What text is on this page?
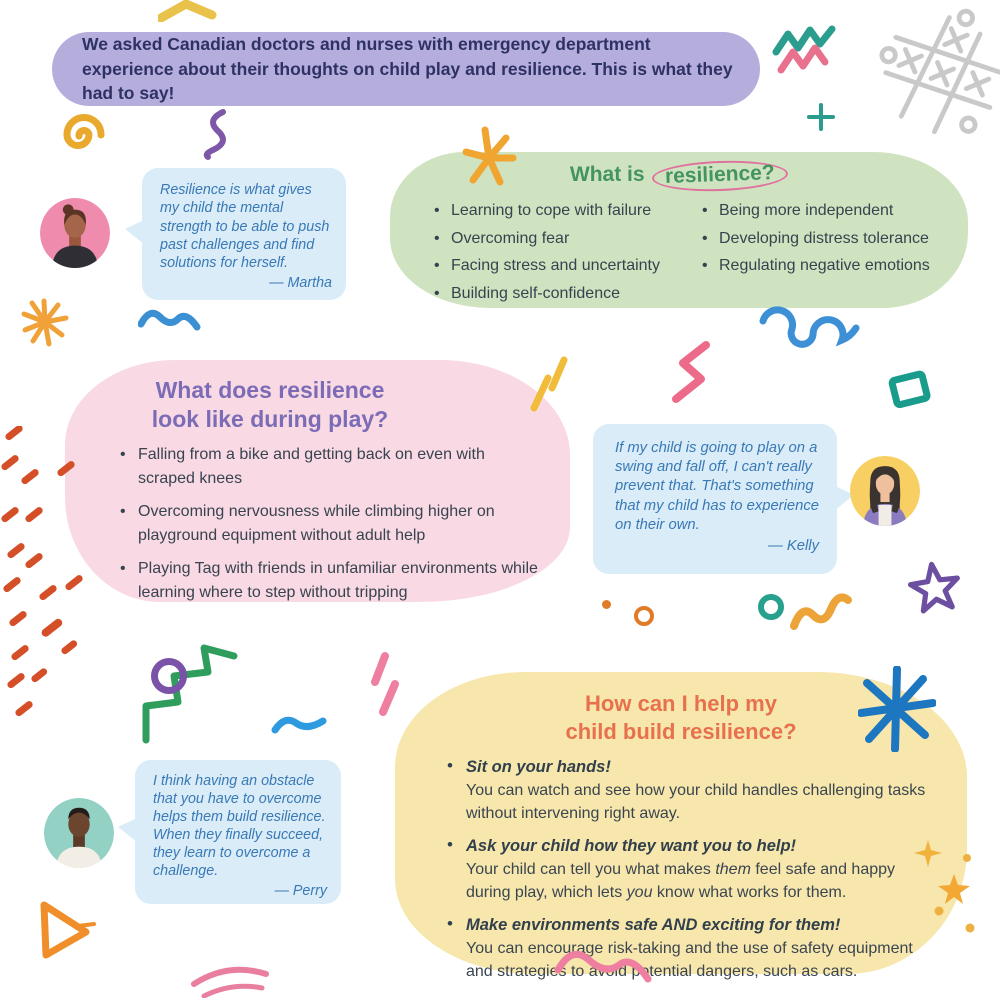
We asked Canadian doctors and nurses with emergency department experience about their thoughts on child play and resilience. This is what they had to say!

What is resilience?
• Learning to cope with failure
• Overcoming fear
• Facing stress and uncertainty
• Building self-confidence
• Being more independent
• Developing distress tolerance
• Regulating negative emotions
What does resilience
look like during play?
• Falling from a bike and getting back on even with scraped knees
• Overcoming nervousness while climbing higher on playground equipment without adult help
• Playing Tag with friends in unfamiliar environments while learning where to step without tripping
How can I help my
child build resilience?
• Sit on your hands!
You can watch and see how your child handles challenging tasks without intervening right away.
• Ask your child how they want you to help!
Your child can tell you what makes them feel safe and happy during play, which lets you know what works for them.
• Make environments safe AND exciting for them!
You can encourage risk-taking and the use of safety equipment and strategies to avoid potential dangers, such as cars.

Resilience is what gives my child the mental strength to be able to push past challenges and find solutions for herself.

— Martha

If my child is going to play on a swing and fall off, I can't really prevent that. That's something that my child has to experience on their own.

— Kelly

I think having an obstacle that you have to overcome helps them build resilience. When they finally succeed, they learn to overcome a challenge.

— Perry
